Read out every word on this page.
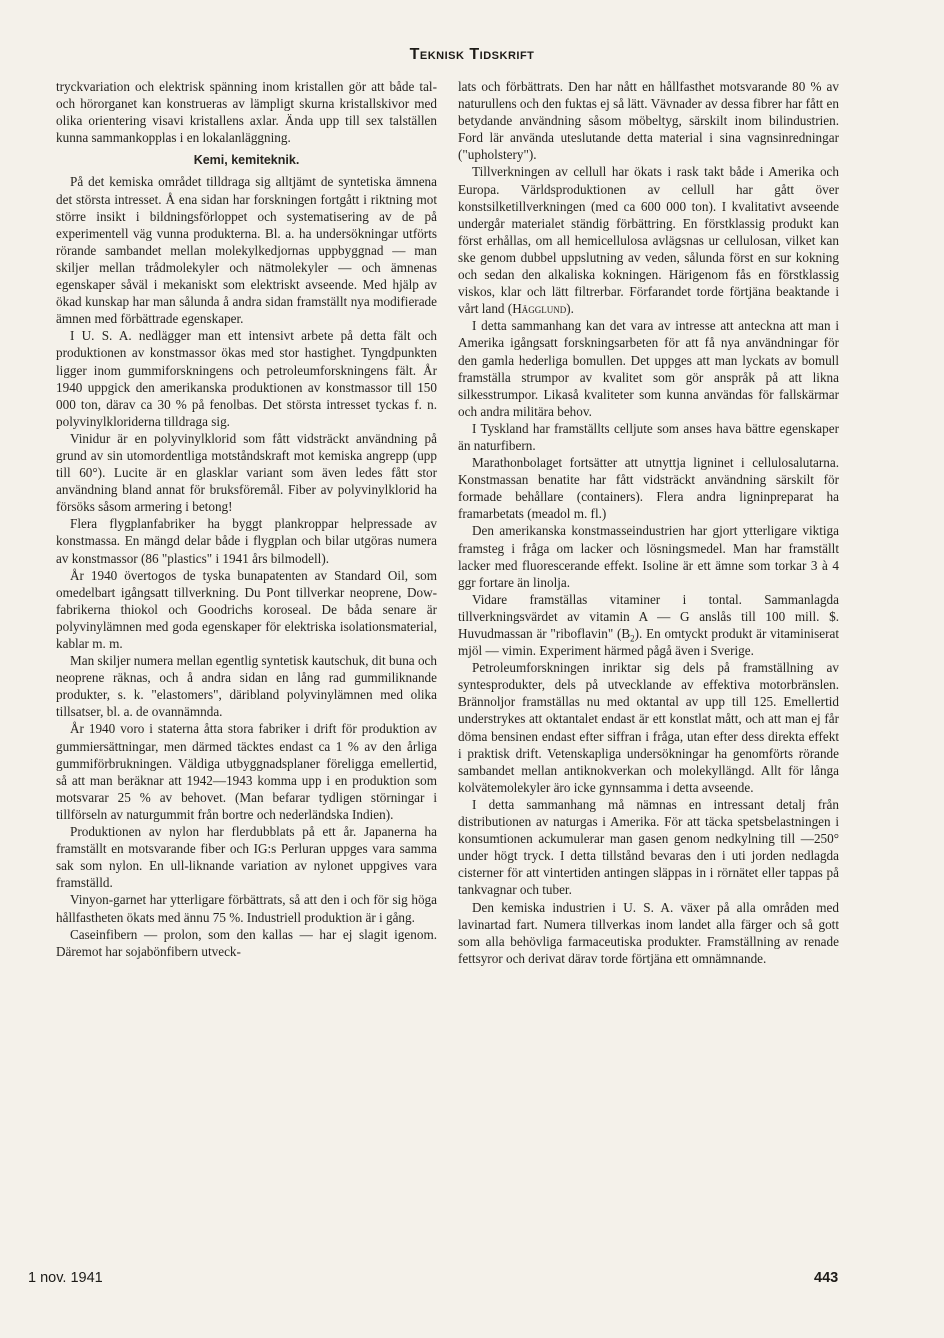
Teknisk Tidskrift

tryckvariation och elektrisk spänning inom kristallen gör att både tal- och hörorganet kan konstrueras av lämpligt skurna kristallskivor med olika orientering visavi kristallens axlar. Ända upp till sex talställen kunna sammankopplas i en lokalanläggning.

Kemi, kemiteknik.

På det kemiska området tilldraga sig alltjämt de syntetiska ämnena det största intresset. Å ena sidan har forskningen fortgått i riktning mot större insikt i bildningsförloppet och systematisering av de på experimentell väg vunna produkterna. Bl. a. ha undersökningar utförts rörande sambandet mellan molekylkedjornas uppbyggnad — man skiljer mellan trådmolekyler och nätmolekyler — och ämnenas egenskaper såväl i mekaniskt som elektriskt avseende. Med hjälp av ökad kunskap har man sålunda å andra sidan framställt nya modifierade ämnen med förbättrade egenskaper.

I U. S. A. nedlägger man ett intensivt arbete på detta fält och produktionen av konstmassor ökas med stor hastighet. Tyngdpunkten ligger inom gummiforskningens och petroleumforskningens fält. År 1940 uppgick den amerikanska produktionen av konstmassor till 150 000 ton, därav ca 30 % på fenolbas. Det största intresset tyckas f. n. polyvinylkloriderna tilldraga sig.

Vinidur är en polyvinylklorid som fått vidsträckt användning på grund av sin utomordentliga motståndskraft mot kemiska angrepp (upp till 60°). Lucite är en glasklar variant som även ledes fått stor användning bland annat för bruksföremål. Fiber av polyvinylklorid ha försöks såsom armering i betong!

Flera flygplanfabriker ha byggt plankroppar helpressade av konstmassa. En mängd delar både i flygplan och bilar utgöras numera av konstmassor (86 "plastics" i 1941 års bilmodell).

År 1940 övertogos de tyska bunapatenten av Standard Oil, som omedelbart igångsatt tillverkning. Du Pont tillverkar neoprene, Dow-fabrikerna thiokol och Goodrichs koroseal. De båda senare är polyvinylämnen med goda egenskaper för elektriska isolationsmaterial, kablar m. m.

Man skiljer numera mellan egentlig syntetisk kautschuk, dit buna och neoprene räknas, och å andra sidan en lång rad gummiliknande produkter, s. k. "elastomers", däribland polyvinylämnen med olika tillsatser, bl. a. de ovannämnda.

År 1940 voro i staterna åtta stora fabriker i drift för produktion av gummiersättningar, men därmed täcktes endast ca 1 % av den årliga gummiförbrukningen. Väldiga utbyggnadsplaner föreligga emellertid, så att man beräknar att 1942—1943 komma upp i en produktion som motsvarar 25 % av behovet. (Man befarar tydligen störningar i tillförseln av naturgummit från bortre och nederländska Indien).

Produktionen av nylon har flerdubblats på ett år. Japanerna ha framställt en motsvarande fiber och IG:s Perluran uppges vara samma sak som nylon. En ull-liknande variation av nylonet uppgives vara framställd.

Vinyon-garnet har ytterligare förbättrats, så att den i och för sig höga hållfastheten ökats med ännu 75 %. Industriell produktion är i gång.

Caseinfibern — prolon, som den kallas — har ej slagit igenom. Däremot har sojabönfibern utveck-

lats och förbättrats. Den har nått en hållfasthet motsvarande 80 % av naturullens och den fuktas ej så lätt. Vävnader av dessa fibrer har fått en betydande användning såsom möbeltyg, särskilt inom bilindustrien. Ford lär använda uteslutande detta material i sina vagnsinredningar ("upholstery").

Tillverkningen av cellull har ökats i rask takt både i Amerika och Europa. Världsproduktionen av cellull har gått över konstsilketillverkningen (med ca 600 000 ton). I kvalitativt avseende undergår materialet ständig förbättring. En förstklassig produkt kan först erhållas, om all hemicellulosa avlägsnas ur cellulosan, vilket kan ske genom dubbel uppslutning av veden, sålunda först en sur kokning och sedan den alkaliska kokningen. Härigenom fås en förstklassig viskos, klar och lätt filtrerbar. Förfarandet torde förtjäna beaktande i vårt land (Hägglund).

I detta sammanhang kan det vara av intresse att anteckna att man i Amerika igångsatt forskningsarbeten för att få nya användningar för den gamla hederliga bomullen. Det uppges att man lyckats av bomull framställa strumpor av kvalitet som gör anspråk på att likna silkesstrumpor. Likaså kvaliteter som kunna användas för fallskärmar och andra militära behov.

I Tyskland har framställts celljute som anses hava bättre egenskaper än naturfibern.

Marathonbolaget fortsätter att utnyttja ligninet i cellulosalutarna. Konstmassan benatite har fått vidsträckt användning särskilt för formade behållare (containers). Flera andra ligninpreparat ha framarbetats (meadol m. fl.)

Den amerikanska konstmasseindustrien har gjort ytterligare viktiga framsteg i fråga om lacker och lösningsmedel. Man har framställt lacker med fluorescerande effekt. Isoline är ett ämne som torkar 3 à 4 ggr fortare än linolja.

Vidare framställas vitaminer i tontal. Sammanlagda tillverkningsvärdet av vitamin A — G anslås till 100 mill. $. Huvudmassan är "riboflavin" $(B_2)$. En omtyckt produkt är vitaminiserat mjöl — vimin. Experiment härmed pågå även i Sverige.

Petroleumforskningen inriktar sig dels på framställning av syntesprodukter, dels på utvecklande av effektiva motorbränslen. Brännoljor framställas nu med oktantal av upp till 125. Emellertid understrykes att oktantalet endast är ett konstlat mått, och att man ej får döma bensinen endast efter siffran i fråga, utan efter dess direkta effekt i praktisk drift. Vetenskapliga undersökningar ha genomförts rörande sambandet mellan antiknokverkan och molekyllängd. Allt för långa kolvätemolekyler äro icke gynnsamma i detta avseende.

I detta sammanhang må nämnas en intressant detalj från distributionen av naturgas i Amerika. För att täcka spetsbelastningen i konsumtionen ackumulerar man gasen genom nedkylning till —250° under högt tryck. I detta tillstånd bevaras den i uti jorden nedlagda cisterner för att vintertiden antingen släppas in i rörnätet eller tappas på tankvagnar och tuber.

Den kemiska industrien i U. S. A. växer på alla områden med lavinartad fart. Numera tillverkas inom landet alla färger och så gott som alla behövliga farmaceutiska produkter. Framställning av renade fettsyror och derivat därav torde förtjäna ett omnämnande.

1 nov. 1941	443
